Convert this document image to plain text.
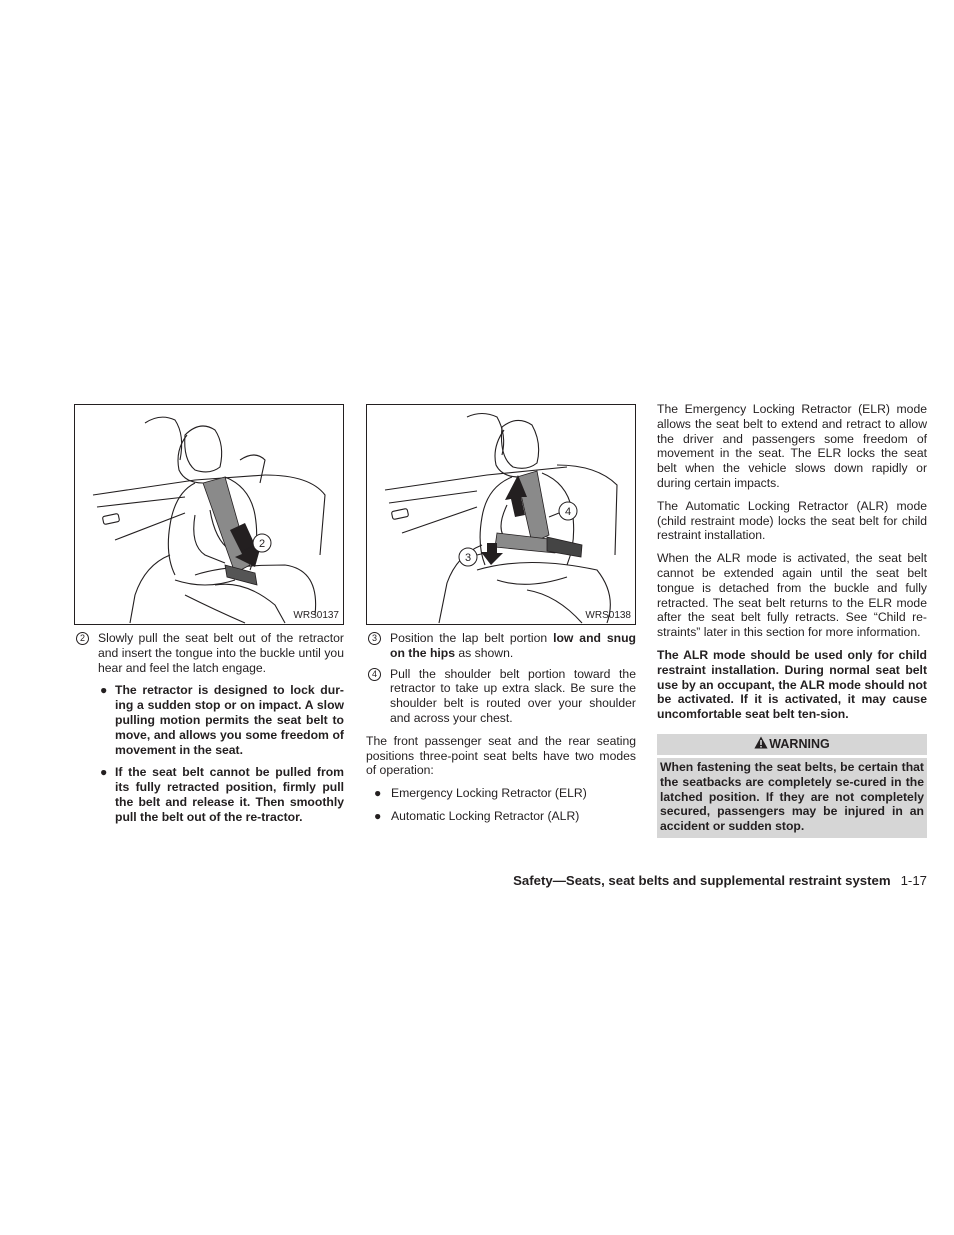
2
WRS0137
2	Slowly pull the seat belt out of the retractor and insert the tongue into the buckle until you hear and feel the latch engage.
● The retractor is designed to lock dur-ing a sudden stop or on impact. A slow pulling motion permits the seat belt to move, and allows you some freedom of movement in the seat.
● If the seat belt cannot be pulled from its fully retracted position, firmly pull the belt and release it. Then smoothly pull the belt out of the re-tractor.
4
3
WRS0138
3	Position the lap belt portion low and snug on the hips as shown.
4	Pull the shoulder belt portion toward the retractor to take up extra slack. Be sure the shoulder belt is routed over your shoulder and across your chest.

The front passenger seat and the rear seating positions three-point seat belts have two modes of operation:

● Emergency Locking Retractor (ELR)
● Automatic Locking Retractor (ALR)

The Emergency Locking Retractor (ELR) mode allows the seat belt to extend and retract to allow the driver and passengers some freedom of movement in the seat. The ELR locks the seat belt when the vehicle slows down rapidly or during certain impacts.

The Automatic Locking Retractor (ALR) mode (child restraint mode) locks the seat belt for child restraint installation.

When the ALR mode is activated, the seat belt cannot be extended again until the seat belt tongue is detached from the buckle and fully retracted. The seat belt returns to the ELR mode after the seat belt fully retracts. See “Child re-straints” later in this section for more information.

The ALR mode should be used only for child restraint installation. During normal seat belt use by an occupant, the ALR mode should not be activated. If it is activated, it may cause uncomfortable seat belt ten-sion.

WARNING
When fastening the seat belts, be certain that the seatbacks are completely se-cured in the latched position. If they are not completely secured, passengers may be injured in an accident or sudden stop.
Safety—Seats, seat belts and supplemental restraint system 1-17
